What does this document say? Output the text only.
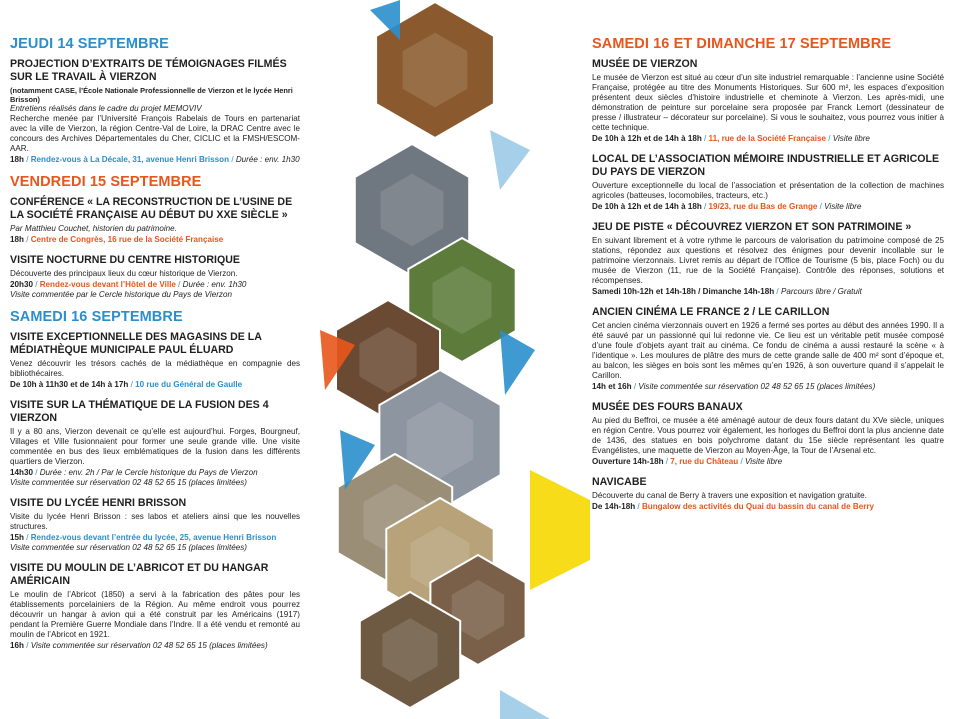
JEUDI 14 SEPTEMBRE
PROJECTION D’EXTRAITS DE TÉMOIGNAGES FILMÉS SUR LE TRAVAIL À VIERZON
(notamment CASE, l’École Nationale Professionnelle de Vierzon et le lycée Henri Brisson)
Entretiens réalisés dans le cadre du projet MEMOVIV
Recherche menée par l’Université François Rabelais de Tours en partenariat avec la ville de Vierzon, la région Centre-Val de Loire, la DRAC Centre avec le concours des Archives Départementales du Cher, CICLIC et la FMSH/ESCOM-AAR.
18h / Rendez-vous à La Décale, 31, avenue Henri Brisson / Durée : env. 1h30
VENDREDI 15 SEPTEMBRE
CONFÉRENCE « LA RECONSTRUCTION DE L’USINE DE LA SOCIÉTÉ FRANÇAISE AU DÉBUT DU XXE SIÈCLE »
Par Matthieu Couchet, historien du patrimoine.
18h / Centre de Congrès, 16 rue de la Société Française
VISITE NOCTURNE DU CENTRE HISTORIQUE
Découverte des principaux lieux du cœur historique de Vierzon.
20h30 / Rendez-vous devant l’Hôtel de Ville / Durée : env. 1h30
Visite commentée par le Cercle historique du Pays de Vierzon
SAMEDI 16 SEPTEMBRE
VISITE EXCEPTIONNELLE DES MAGASINS DE LA MÉDIATHÈQUE MUNICIPALE PAUL ÉLUARD
Venez découvrir les trésors cachés de la médiathèque en compagnie des bibliothécaires.
De 10h à 11h30 et de 14h à 17h / 10 rue du Général de Gaulle
VISITE SUR LA THÉMATIQUE DE LA FUSION DES 4 VIERZON
Il y a 80 ans, Vierzon devenait ce qu’elle est aujourd’hui. Forges, Bourgneuf, Villages et Ville fusionnaient pour former une seule grande ville. Une visite commentée en bus des lieux emblématiques de la fusion dans les différents quartiers de Vierzon.
14h30 / Durée : env. 2h / Par le Cercle historique du Pays de Vierzon
Visite commentée sur réservation 02 48 52 65 15 (places limitées)
VISITE DU LYCÉE HENRI BRISSON
Visite du lycée Henri Brisson : ses labos et ateliers ainsi que les nouvelles structures.
15h / Rendez-vous devant l’entrée du lycée, 25, avenue Henri Brisson
Visite commentée sur réservation 02 48 52 65 15 (places limitées)
VISITE DU MOULIN DE L’ABRICOT ET DU HANGAR AMÉRICAIN
Le moulin de l’Abricot (1850) a servi à la fabrication des pâtes pour les établissements porcelainiers de la Région. Au même endroit vous pourrez découvrir un hangar à avion qui a été construit par les Américains (1917) pendant la Première Guerre Mondiale dans l’Indre. Il a été vendu et remonté au moulin de l’Abricot en 1921.
16h / Visite commentée sur réservation 02 48 52 65 15 (places limitées)
SAMEDI 16 ET DIMANCHE 17 SEPTEMBRE
MUSÉE DE VIERZON
Le musée de Vierzon est situé au cœur d’un site industriel remarquable : l’ancienne usine Société Française, protégée au titre des Monuments Historiques. Sur 600 m², les espaces d’exposition présentent deux siècles d’histoire industrielle et cheminote à Vierzon. Les après-midi, une démonstration de peinture sur porcelaine sera proposée par Franck Lemort (dessinateur de presse / illustrateur – décorateur sur porcelaine). Si vous le souhaitez, vous pourrez vous initier à cette technique.
De 10h à 12h et de 14h à 18h / 11, rue de la Société Française / Visite libre
LOCAL DE L’ASSOCIATION MÉMOIRE INDUSTRIELLE ET AGRICOLE DU PAYS DE VIERZON
Ouverture exceptionnelle du local de l’association et présentation de la collection de machines agricoles (batteuses, locomobiles, tracteurs, etc.)
De 10h à 12h et de 14h à 18h / 19/23, rue du Bas de Grange / Visite libre
JEU DE PISTE « DÉCOUVREZ VIERZON ET SON PATRIMOINE »
En suivant librement et à votre rythme le parcours de valorisation du patrimoine composé de 25 stations, répondez aux questions et résolvez des énigmes pour devenir incollable sur le patrimoine vierzonnais. Livret remis au départ de l’Office de Tourisme (5 bis, place Foch) ou du musée de Vierzon (11, rue de la Société Française). Contrôle des réponses, solutions et récompenses.
Samedi 10h-12h et 14h-18h / Dimanche 14h-18h / Parcours libre / Gratuit
ANCIEN CINÉMA LE FRANCE 2 / LE CARILLON
Cet ancien cinéma vierzonnais ouvert en 1926 a fermé ses portes au début des années 1990. Il a été sauvé par un passionné qui lui redonne vie. Ce lieu est un véritable petit musée composé d’une foule d’objets ayant trait au cinéma. Ce fondu de cinéma a aussi restauré la scène « à l’identique ». Les moulures de plâtre des murs de cette grande salle de 400 m² sont d’époque et, au balcon, les sièges en bois sont les mêmes qu’en 1926, à son ouverture quand il s’appelait le Carillon.
14h et 16h / Visite commentée sur réservation 02 48 52 65 15 (places limitées)
MUSÉE DES FOURS BANAUX
Au pied du Beffroi, ce musée a été aménagé autour de deux fours datant du XVe siècle, uniques en région Centre. Vous pourrez voir également, les horloges du Beffroi dont la plus ancienne date de 1436, des statues en bois polychrome datant du 15e siècle représentant les quatre Évangélistes, une maquette de Vierzon au Moyen-Âge, la Tour de l’Arsenal etc.
Ouverture 14h-18h / 7, rue du Château / Visite libre
NAVICABE
Découverte du canal de Berry à travers une exposition et navigation gratuite.
De 14h-18h / Bungalow des activités du Quai du bassin du canal de Berry
